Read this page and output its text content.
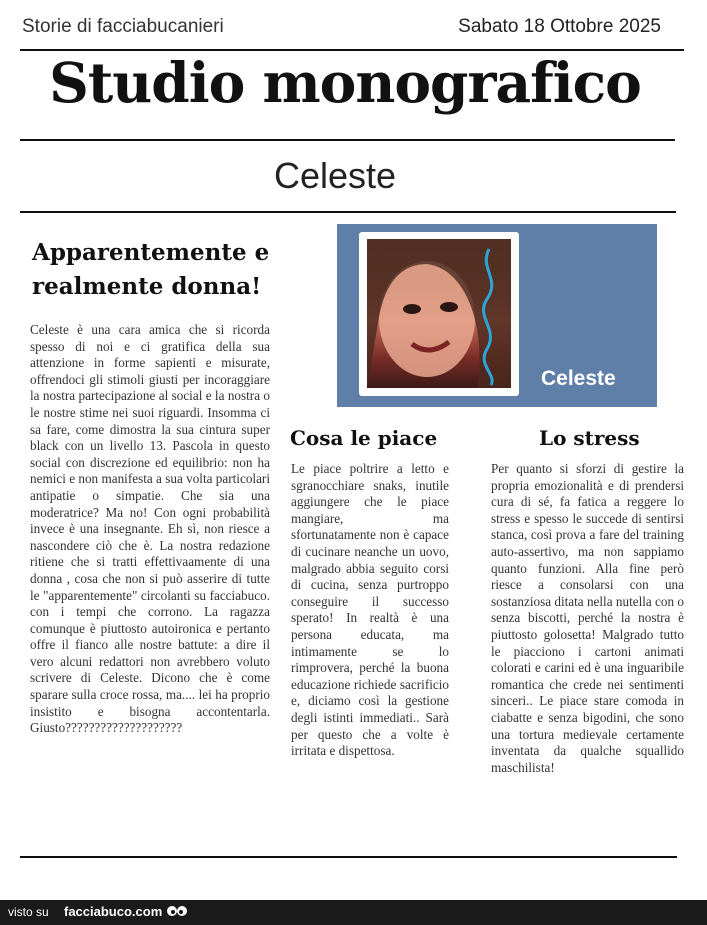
Storie di facciabucanieri	Sabato 18 Ottobre 2025
Studio monografico
Celeste
Apparentemente e realmente donna!
Celeste è una cara amica che si ricorda spesso di noi e ci gratifica della sua attenzione in forme sapienti e misurate, offrendoci gli stimoli giusti per incoraggiare la nostra partecipazione al social e la nostra o le nostre stime nei suoi riguardi. Insomma ci sa fare, come dimostra la sua cintura super black con un livello 13. Pascola in questo social con discrezione ed equilibrio: non ha nemici e non manifesta a sua volta particolari antipatie o simpatie. Che sia una moderatrice? Ma no! Con ogni probabilità invece è una insegnante. Eh sì, non riesce a nascondere ciò che è. La nostra redazione ritiene che si tratti effettivaamente di una donna , cosa che non si può asserire di tutte le "apparentemente" circolanti su facciabuco. con i tempi che corrono. La ragazza comunque è piuttosto autoironica e pertanto offre il fianco alle nostre battute: a dire il vero alcuni redattori non avrebbero voluto scrivere di Celeste. Dicono che è come sparare sulla croce rossa, ma.... lei ha proprio insistito e bisogna accontentarla. Giusto????????????????????
Celeste
Cosa le piace
Le piace poltrire a letto e sgranocchiare snaks, inutile aggiungere che le piace mangiare, ma sfortunatamente non è capace di cucinare neanche un uovo, malgrado abbia seguito corsi di cucina, senza purtroppo conseguire il successo sperato! In realtà è una persona educata, ma intimamente se lo rimprovera, perché la buona educazione richiede sacrificio e, diciamo così la gestione degli istinti immediati.. Sarà per questo che a volte è irritata e dispettosa.
Lo stress
Per quanto si sforzi di gestire la propria emozionalità e di prendersi cura di sé, fa fatica a reggere lo stress e spesso le succede di sentirsi stanca, così prova a fare del training auto-assertivo, ma non sappiamo quanto funzioni. Alla fine però riesce a consolarsi con una sostanziosa ditata nella nutella con o senza biscotti, perché la nostra è piuttosto golosetta! Malgrado tutto le piacciono i cartoni animati colorati e carini ed è una inguaribile romantica che crede nei sentimenti sinceri.. Le piace stare comoda in ciabatte e senza bigodini, che sono una tortura medievale certamente inventata da qualche squallido maschilista!
visto su facciabuco.com
